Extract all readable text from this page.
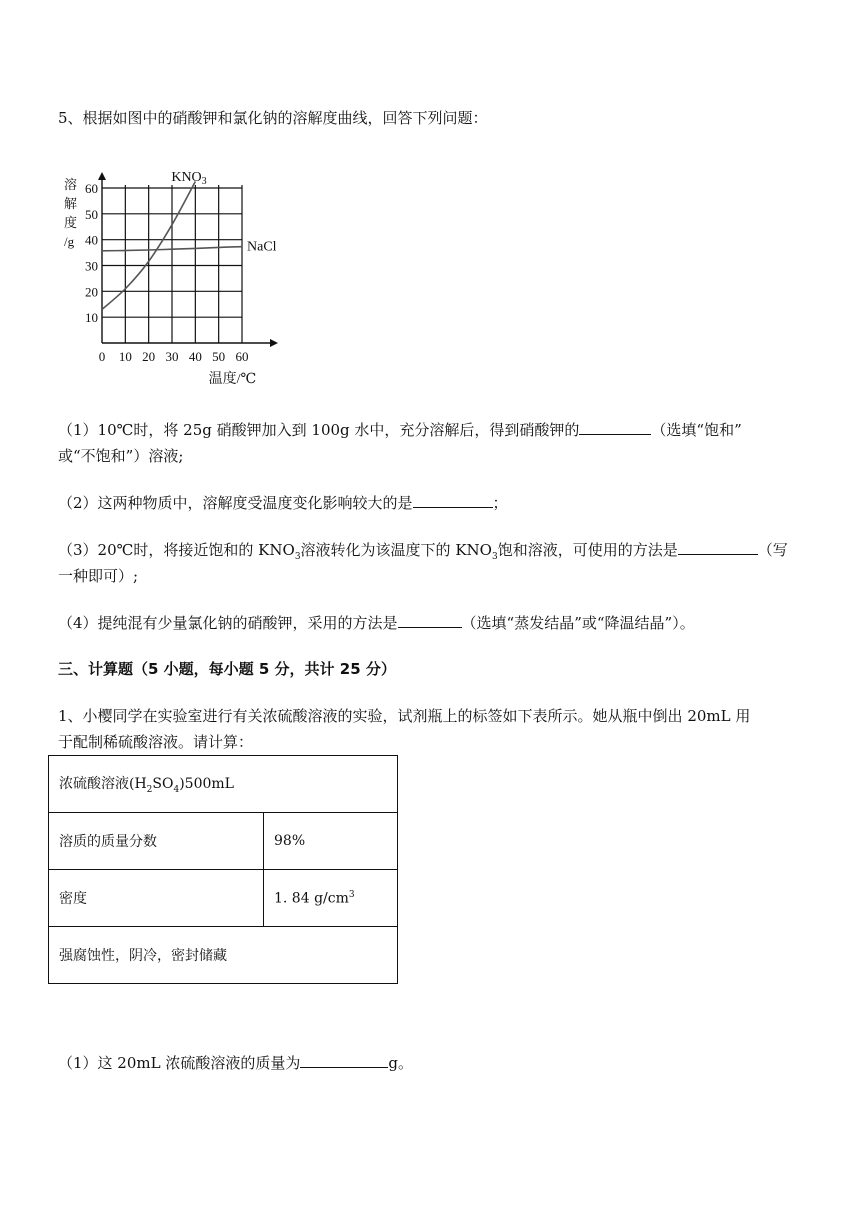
5、根据如图中的硝酸钾和氯化钠的溶解度曲线，回答下列问题：
0 10 20 30 40 50 60
10
20
30
40
50
60
溶
解
度
/g
温度/℃
$KNO_3$
NaCl
（1）10℃时，将 25g 硝酸钾加入到 100g 水中，充分溶解后，得到硝酸钾的	（选填“饱和”
或“不饱和”）溶液;
（2）这两种物质中，溶解度受温度变化影响较大的是	；
（3）20℃时，将接近饱和的 $KNO_3$溶液转化为该温度下的 $KNO_3$饱和溶液，可使用的方法是	（写
一种即可）;
（4）提纯混有少量氯化钠的硝酸钾，采用的方法是	（选填“蒸发结晶”或“降温结晶”）。
三、计算题（5 小题，每小题 5 分，共计 25 分）
1、小樱同学在实验室进行有关浓硫酸溶液的实验，试剂瓶上的标签如下表所示。她从瓶中倒出 20mL 用
于配制稀硫酸溶液。请计算：
浓硫酸溶液$(H_2SO_4)500mL$	
溶质的质量分数	98%
密度	1. 84 $g/cm^3$
强腐蚀性，阴冷，密封储藏	
（1）这 20mL 浓硫酸溶液的质量为	g。
